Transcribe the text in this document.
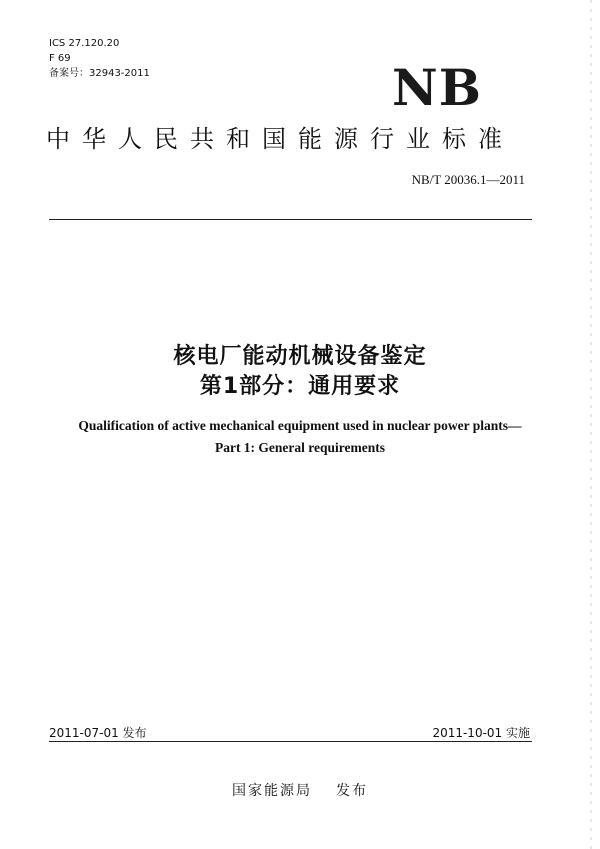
ICS 27.120.20
F 69
备案号：32943-2011	NB
中华人民共和国能源行业标准
NB/T 20036.1—2011
核电厂能动机械设备鉴定
第1部分：通用要求
Qualification of active mechanical equipment used in nuclear power plants—
Part 1: General requirements
2011-07-01 发布	2011-10-01 实施
国家能源局 发布
